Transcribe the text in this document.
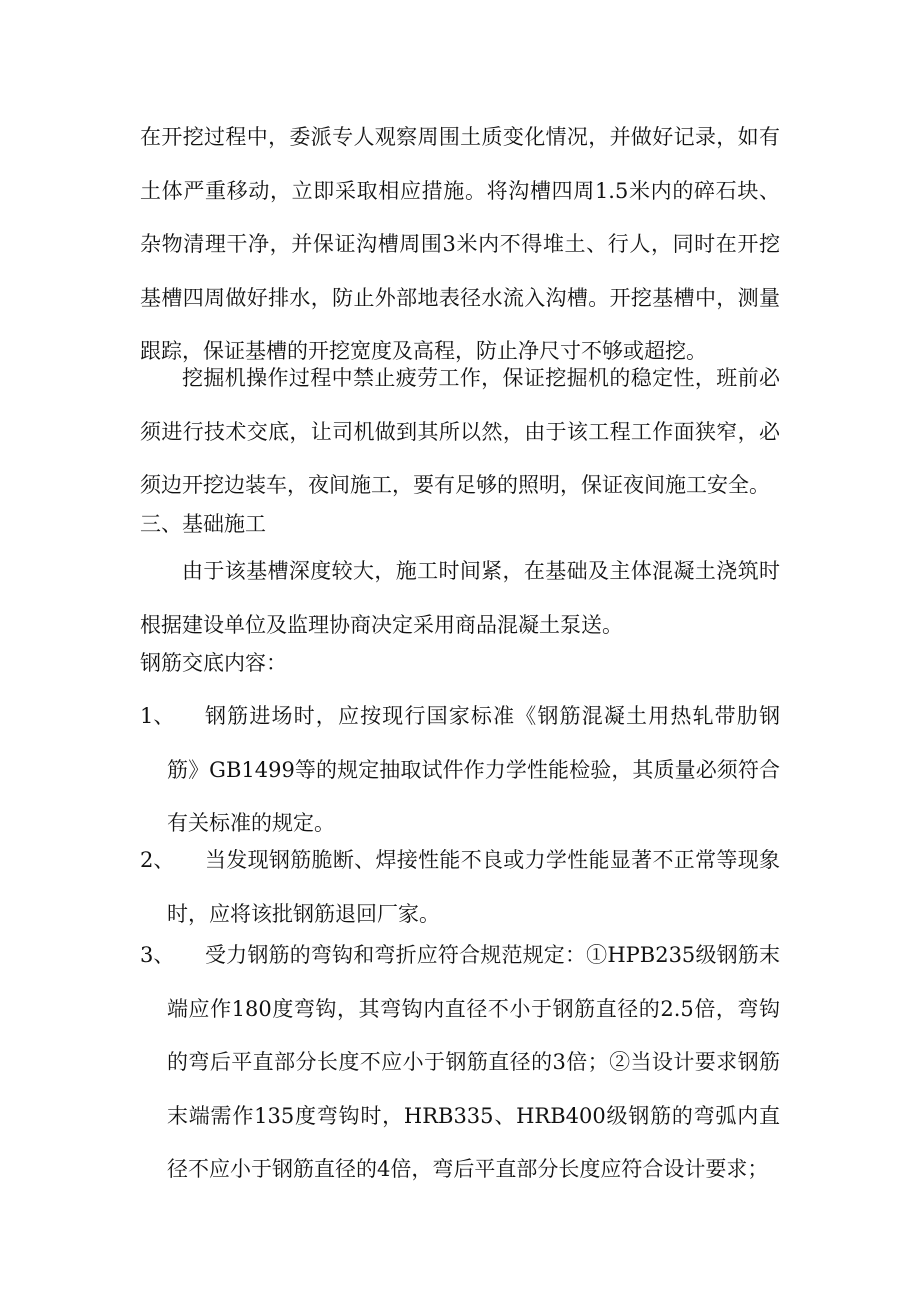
在开挖过程中，委派专人观察周围土质变化情况，并做好记录，如有土体严重移动，立即采取相应措施。将沟槽四周1.5米内的碎石块、杂物清理干净，并保证沟槽周围3米内不得堆土、行人，同时在开挖基槽四周做好排水，防止外部地表径水流入沟槽。开挖基槽中，测量跟踪，保证基槽的开挖宽度及高程，防止净尺寸不够或超挖。

挖掘机操作过程中禁止疲劳工作，保证挖掘机的稳定性，班前必须进行技术交底，让司机做到其所以然，由于该工程工作面狭窄，必须边开挖边装车，夜间施工，要有足够的照明，保证夜间施工安全。

三、基础施工

由于该基槽深度较大，施工时间紧，在基础及主体混凝土浇筑时根据建设单位及监理协商决定采用商品混凝土泵送。

钢筋交底内容：

1、	钢筋进场时，应按现行国家标准《钢筋混凝土用热轧带肋钢筋》GB1499等的规定抽取试件作力学性能检验，其质量必须符合有关标准的规定。

2、	当发现钢筋脆断、焊接性能不良或力学性能显著不正常等现象时，应将该批钢筋退回厂家。

3、	受力钢筋的弯钩和弯折应符合规范规定：①HPB235级钢筋末端应作180度弯钩，其弯钩内直径不小于钢筋直径的2.5倍，弯钩的弯后平直部分长度不应小于钢筋直径的3倍；②当设计要求钢筋末端需作135度弯钩时，HRB335、HRB400级钢筋的弯弧内直径不应小于钢筋直径的4倍，弯后平直部分长度应符合设计要求；
